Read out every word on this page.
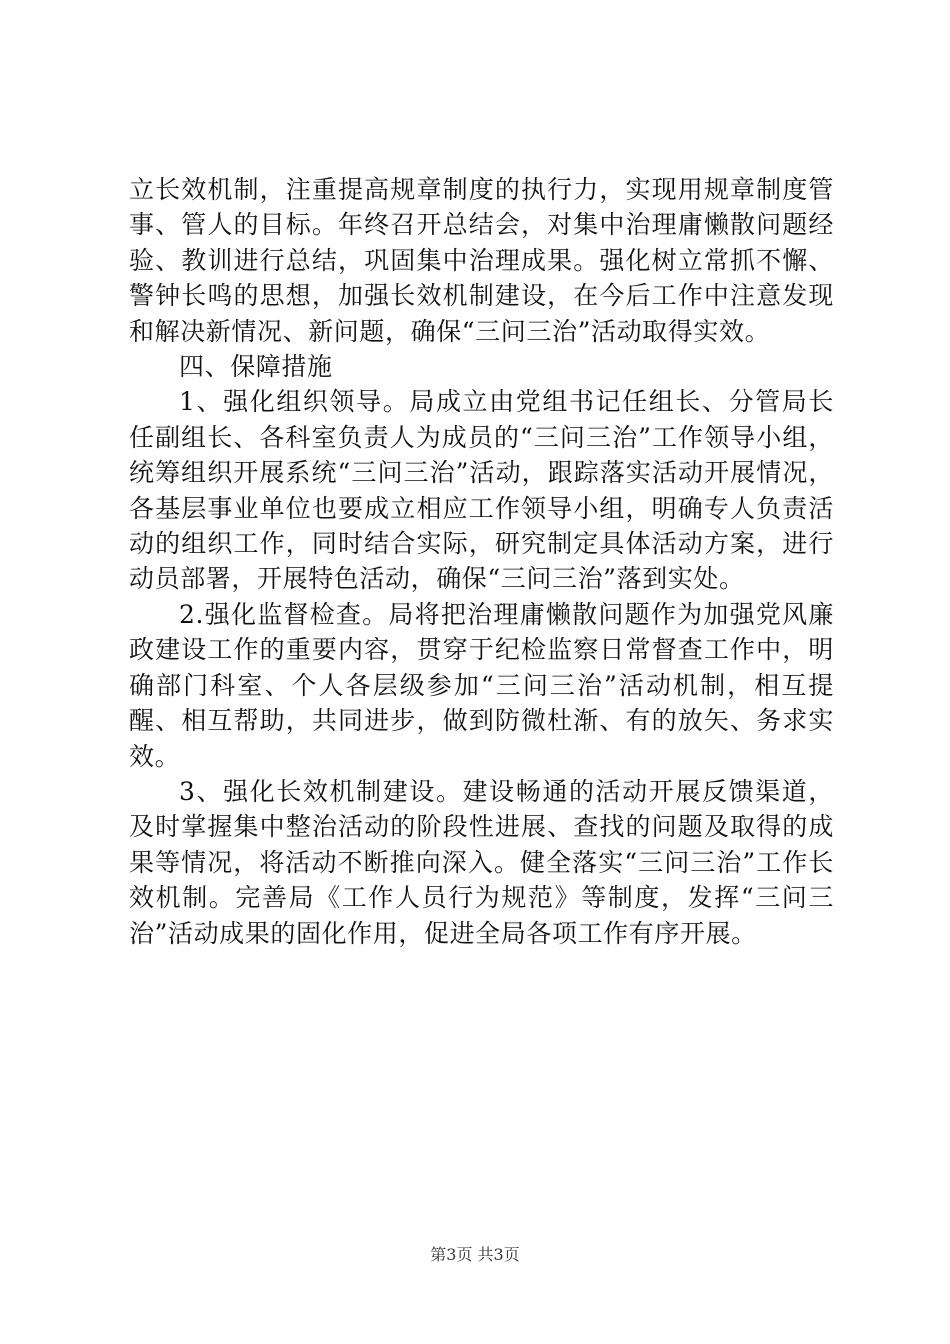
立长效机制，注重提高规章制度的执行力，实现用规章制度管事、管人的目标。年终召开总结会，对集中治理庸懒散问题经验、教训进行总结，巩固集中治理成果。强化树立常抓不懈、警钟长鸣的思想，加强长效机制建设，在今后工作中注意发现和解决新情况、新问题，确保“三问三治”活动取得实效。

四、保障措施

1、强化组织领导。局成立由党组书记任组长、分管局长任副组长、各科室负责人为成员的“三问三治”工作领导小组，统筹组织开展系统“三问三治”活动，跟踪落实活动开展情况，各基层事业单位也要成立相应工作领导小组，明确专人负责活动的组织工作，同时结合实际，研究制定具体活动方案，进行动员部署，开展特色活动，确保“三问三治”落到实处。

2.强化监督检查。局将把治理庸懒散问题作为加强党风廉政建设工作的重要内容，贯穿于纪检监察日常督查工作中，明确部门科室、个人各层级参加“三问三治”活动机制，相互提醒、相互帮助，共同进步，做到防微杜渐、有的放矢、务求实效。

3、强化长效机制建设。建设畅通的活动开展反馈渠道，及时掌握集中整治活动的阶段性进展、查找的问题及取得的成果等情况，将活动不断推向深入。健全落实“三问三治”工作长效机制。完善局《工作人员行为规范》等制度，发挥“三问三治”活动成果的固化作用，促进全局各项工作有序开展。

第3页 共3页
